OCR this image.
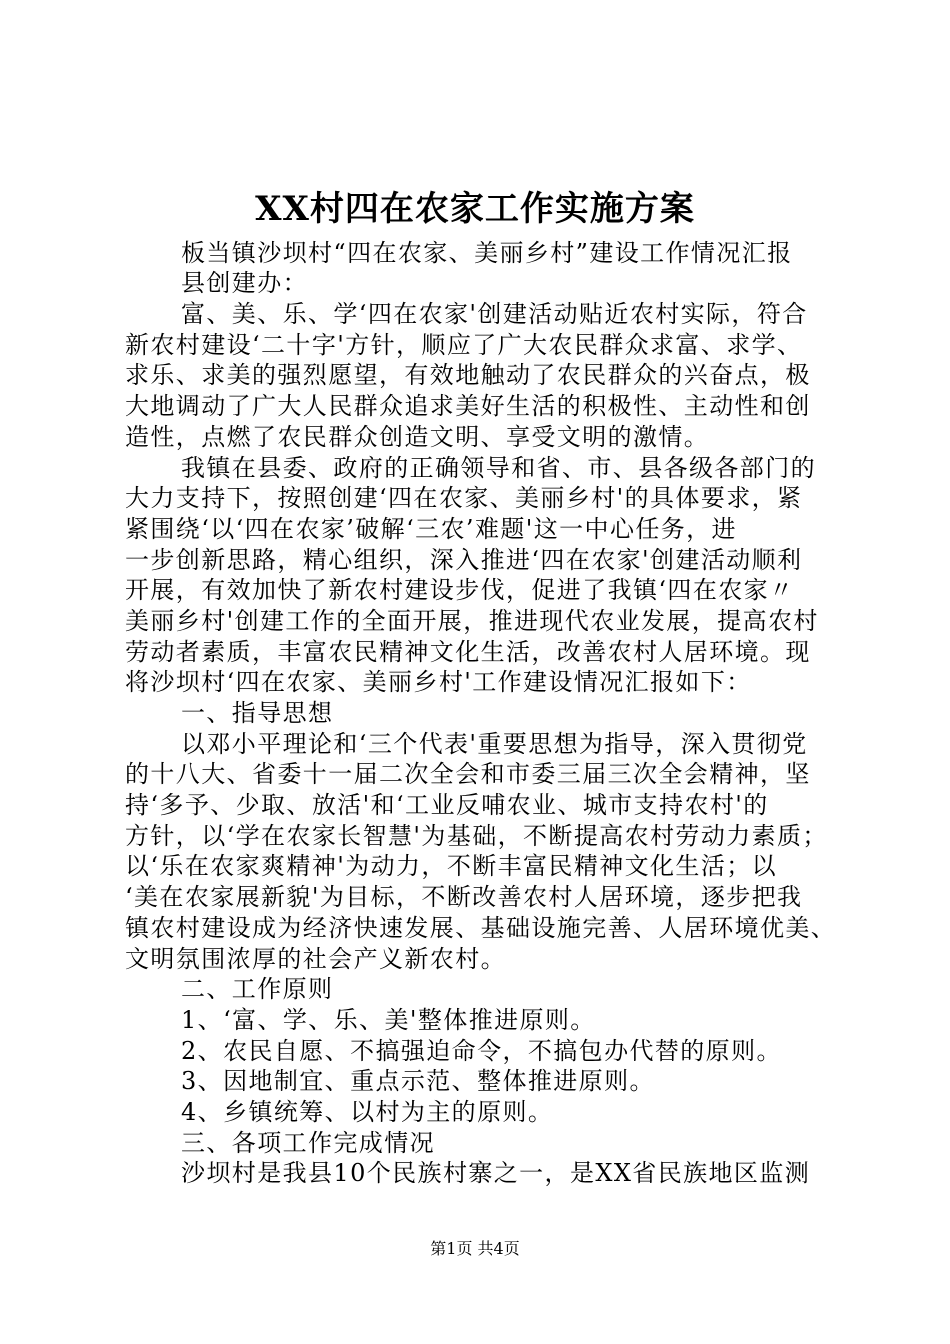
XX村四在农家工作实施方案
板当镇沙坝村“四在农家、美丽乡村”建设工作情况汇报
县创建办：
富、美、乐、学‘四在农家'创建活动贴近农村实际，符合
新农村建设‘二十字'方针，顺应了广大农民群众求富、求学、
求乐、求美的强烈愿望，有效地触动了农民群众的兴奋点，极
大地调动了广大人民群众追求美好生活的积极性、主动性和创
造性，点燃了农民群众创造文明、享受文明的激情。
我镇在县委、政府的正确领导和省、市、县各级各部门的
大力支持下，按照创建‘四在农家、美丽乡村'的具体要求，紧
紧围绕‘以‘四在农家’破解‘三农’难题'这一中心任务，进
一步创新思路，精心组织，深入推进‘四在农家'创建活动顺利
开展，有效加快了新农村建设步伐，促进了我镇‘四在农家〃
美丽乡村'创建工作的全面开展，推进现代农业发展，提高农村
劳动者素质，丰富农民精神文化生活，改善农村人居环境。现
将沙坝村‘四在农家、美丽乡村'工作建设情况汇报如下：
一、指导思想
以邓小平理论和‘三个代表'重要思想为指导，深入贯彻党
的十八大、省委十一届二次全会和市委三届三次全会精神，坚
持‘多予、少取、放活'和‘工业反哺农业、城市支持农村'的
方针，以‘学在农家长智慧'为基础，不断提高农村劳动力素质；
以‘乐在农家爽精神'为动力，不断丰富民精神文化生活；以
‘美在农家展新貌'为目标，不断改善农村人居环境，逐步把我
镇农村建设成为经济快速发展、基础设施完善、人居环境优美、
文明氛围浓厚的社会产义新农村。
二、工作原则
1、‘富、学、乐、美'整体推进原则。
2、农民自愿、不搞强迫命令，不搞包办代替的原则。
3、因地制宜、重点示范、整体推进原则。
4、乡镇统筹、以村为主的原则。
三、各项工作完成情况
沙坝村是我县10个民族村寨之一，是XX省民族地区监测
第1页 共4页
